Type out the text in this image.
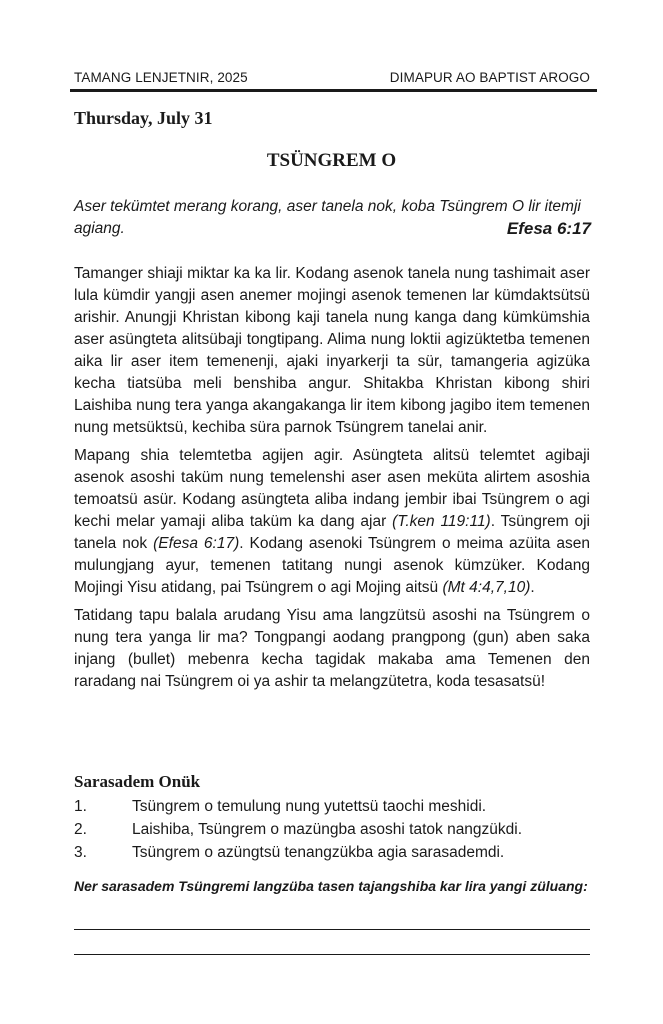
TAMANG LENJETNIR, 2025	DIMAPUR AO BAPTIST AROGO
Thursday, July 31
TSÜNGREM O
Aser tekümtet merang korang, aser tanela nok, koba Tsüngrem O lir itemji agiang.	Efesa 6:17

Tamanger shiaji miktar ka ka lir. Kodang asenok tanela nung tashimait aser lula kümdir yangji asen anemer mojingi asenok temenen lar kümdaktsütsü arishir. Anungji Khristan kibong kaji tanela nung kanga dang kümkümshia aser asüngteta alitsübaji tongtipang. Alima nung loktii agizüktetba temenen aika lir aser item temenenji, ajaki inyarkerji ta sür, tamangeria agizüka kecha tiatsüba meli benshiba angur. Shitakba Khristan kibong shiri Laishiba nung tera yanga akangakanga lir item kibong jagibo item temenen nung metsüktsü, kechiba süra parnok Tsüngrem tanelai anir.

Mapang shia telemtetba agijen agir. Asüngteta alitsü telemtet agibaji asenok asoshi taküm nung temelenshi aser asen meküta alirtem asoshia temoatsü asür. Kodang asüngteta aliba indang jembir ibai Tsüngrem o agi kechi melar yamaji aliba taküm ka dang ajar (T.ken 119:11). Tsüngrem oji tanela nok (Efesa 6:17). Kodang asenoki Tsüngrem o meima azüita asen mulungjang ayur, temenen tatitang nungi asenok kümzüker. Kodang Mojingi Yisu atidang, pai Tsüngrem o agi Mojing aitsü (Mt 4:4,7,10).

Tatidang tapu balala arudang Yisu ama langzütsü asoshi na Tsüngrem o nung tera yanga lir ma? Tongpangi aodang prangpong (gun) aben saka injang (bullet) mebenra kecha tagidak makaba ama Temenen den raradang nai Tsüngrem oi ya ashir ta melangzütetra, koda tesasatsü!

Sarasadem Onük
1.	Tsüngrem o temulung nung yutettsü taochi meshidi.
2.	Laishiba, Tsüngrem o mazüngba asoshi tatok nangzükdi.
3.	Tsüngrem o azüngtsü tenangzükba agia sarasademdi.
Ner sarasadem Tsüngremi langzüba tasen tajangshiba kar lira yangi züluang:
